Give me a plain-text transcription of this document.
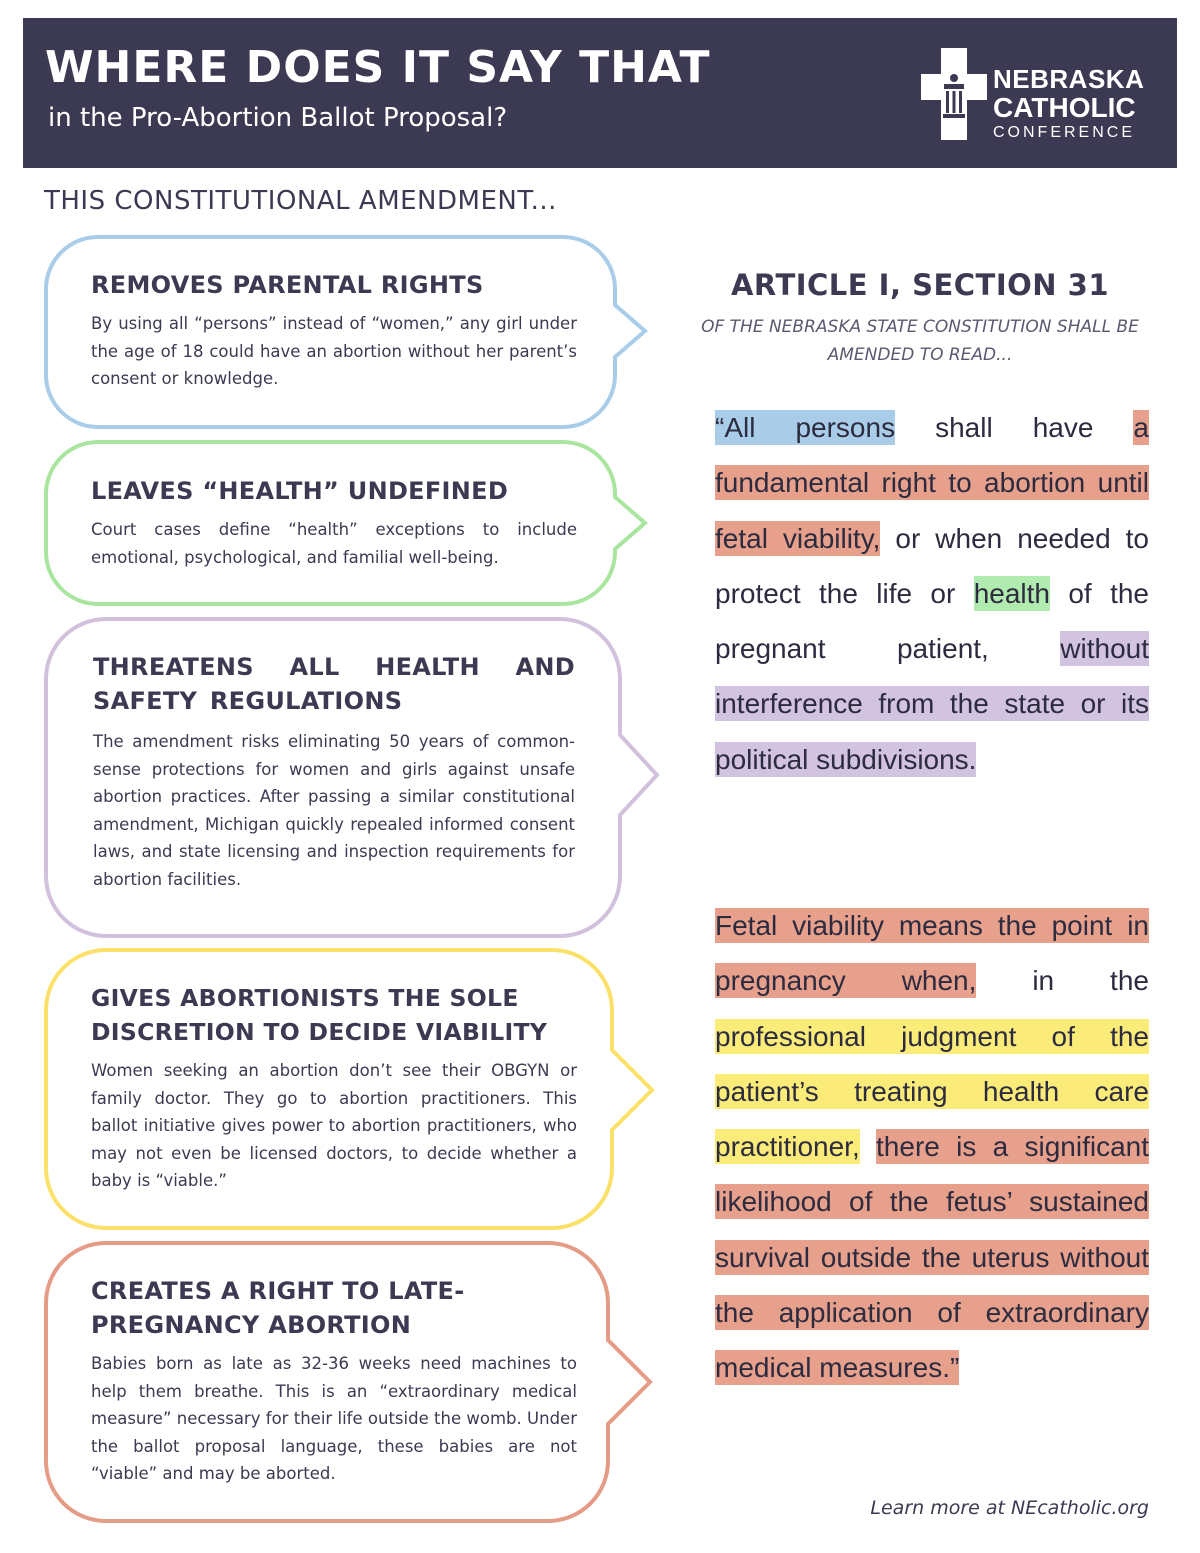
WHERE DOES IT SAY THAT
in the Pro-Abortion Ballot Proposal?
NEBRASKA
CATHOLIC
CONFERENCE
THIS CONSTITUTIONAL AMENDMENT...
REMOVES PARENTAL RIGHTS
By using all “persons” instead of “women,” any girl under the age of 18 could have an abortion without her parent’s consent or knowledge.
LEAVES “HEALTH” UNDEFINED
Court cases define “health” exceptions to include emotional, psychological, and familial well-being.
THREATENS ALL HEALTH AND SAFETY REGULATIONS
The amendment risks eliminating 50 years of common-sense protections for women and girls against unsafe abortion practices. After passing a similar constitutional amendment, Michigan quickly repealed informed consent laws, and state licensing and inspection requirements for abortion facilities.
GIVES ABORTIONISTS THE SOLE DISCRETION TO DECIDE VIABILITY
Women seeking an abortion don’t see their OBGYN or family doctor. They go to abortion practitioners. This ballot initiative gives power to abortion practitioners, who may not even be licensed doctors, to decide whether a baby is “viable.”
CREATES A RIGHT TO LATE-PREGNANCY ABORTION
Babies born as late as 32-36 weeks need machines to help them breathe. This is an “extraordinary medical measure” necessary for their life outside the womb. Under the ballot proposal language, these babies are not “viable” and may be aborted.
ARTICLE I, SECTION 31
OF THE NEBRASKA STATE CONSTITUTION SHALL BE AMENDED TO READ...
“All persons shall have a fundamental right to abortion until fetal viability, or when needed to protect the life or health of the pregnant patient, without interference from the state or its political subdivisions.
Fetal viability means the point in pregnancy when, in the professional judgment of the patient’s treating health care practitioner, there is a significant likelihood of the fetus’ sustained survival outside the uterus without the application of extraordinary medical measures.”
Learn more at NEcatholic.org
